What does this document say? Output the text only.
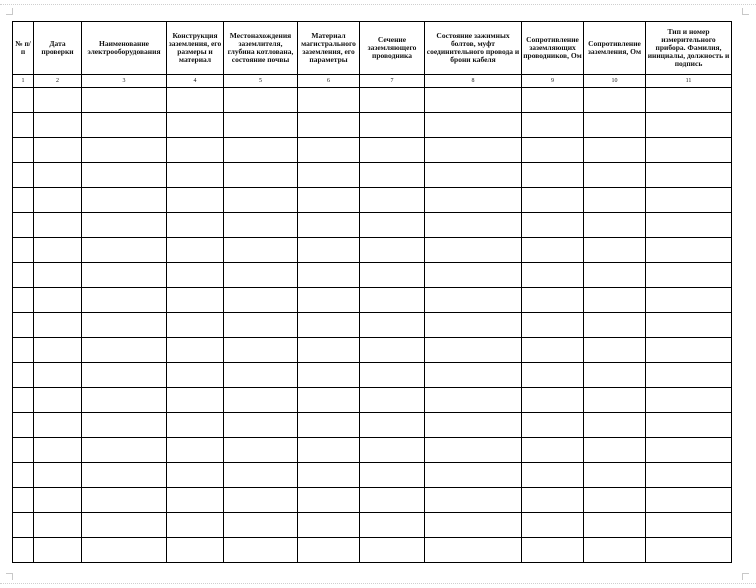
№ п/п	Дата проверки	Наименование электрооборудования	Конструкция заземления, его размеры и материал	Местонахождения заземлителя, глубина котлована, состояние почвы	Материал магистрального заземления, его параметры	Сечение заземляющего проводника	Состояние зажимных болтов, муфт соединительного провода и брони кабеля	Сопротивление заземляющих проводников, Ом	Сопротивление заземления, Ом	Тип и номер измерительного прибора. Фамилия, инициалы, должность и подпись
1	2	3	4	5	6	7	8	9	10	11
